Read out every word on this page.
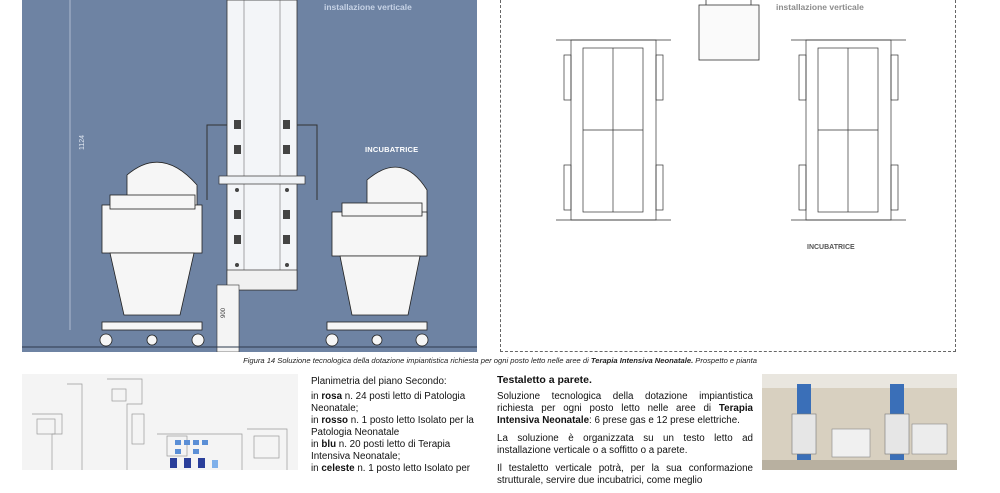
installazione verticale
INCUBATRICE
1124
900
installazione verticale
INCUBATRICE
Figura 14 Soluzione tecnologica della dotazione impiantistica richiesta per ogni posto letto nelle aree di Terapia Intensiva Neonatale. Prospetto e pianta

Planimetria del piano Secondo:

in rosa n. 24 posti letto di Patologia Neonatale;

in rosso n. 1 posto letto Isolato per la Patologia Neonatale

in blu n. 20 posti letto di Terapia Intensiva Neonatale;

in celeste n. 1 posto letto Isolato per

Testaletto a parete.

Soluzione tecnologica della dotazione impiantistica richiesta per ogni posto letto nelle aree di Terapia Intensiva Neonatale: 6 prese gas e 12 prese elettriche.

La soluzione è organizzata su un testo letto ad installazione verticale o a soffitto o a parete.

Il testaletto verticale potrà, per la sua conformazione strutturale, servire due incubatrici, come meglio
